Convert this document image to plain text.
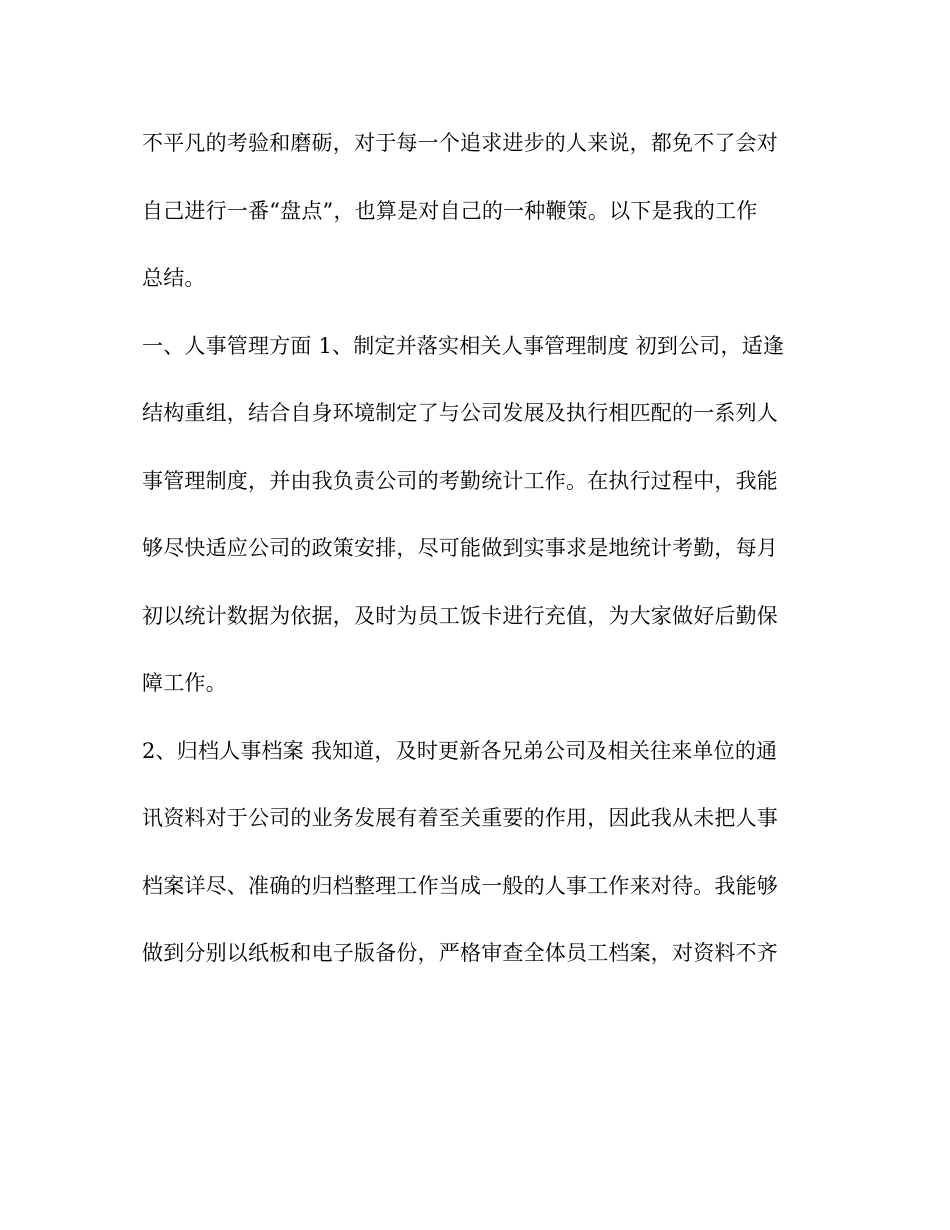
不平凡的考验和磨砺，对于每一个追求进步的人来说，都免不了会对
自己进行一番“盘点”，也算是对自己的一种鞭策。以下是我的工作
总结。
一、人事管理方面 1、制定并落实相关人事管理制度 初到公司，适逢
结构重组，结合自身环境制定了与公司发展及执行相匹配的一系列人
事管理制度，并由我负责公司的考勤统计工作。在执行过程中，我能
够尽快适应公司的政策安排，尽可能做到实事求是地统计考勤，每月
初以统计数据为依据，及时为员工饭卡进行充值，为大家做好后勤保
障工作。
2、归档人事档案 我知道，及时更新各兄弟公司及相关往来单位的通
讯资料对于公司的业务发展有着至关重要的作用，因此我从未把人事
档案详尽、准确的归档整理工作当成一般的人事工作来对待。我能够
做到分别以纸板和电子版备份，严格审查全体员工档案，对资料不齐
